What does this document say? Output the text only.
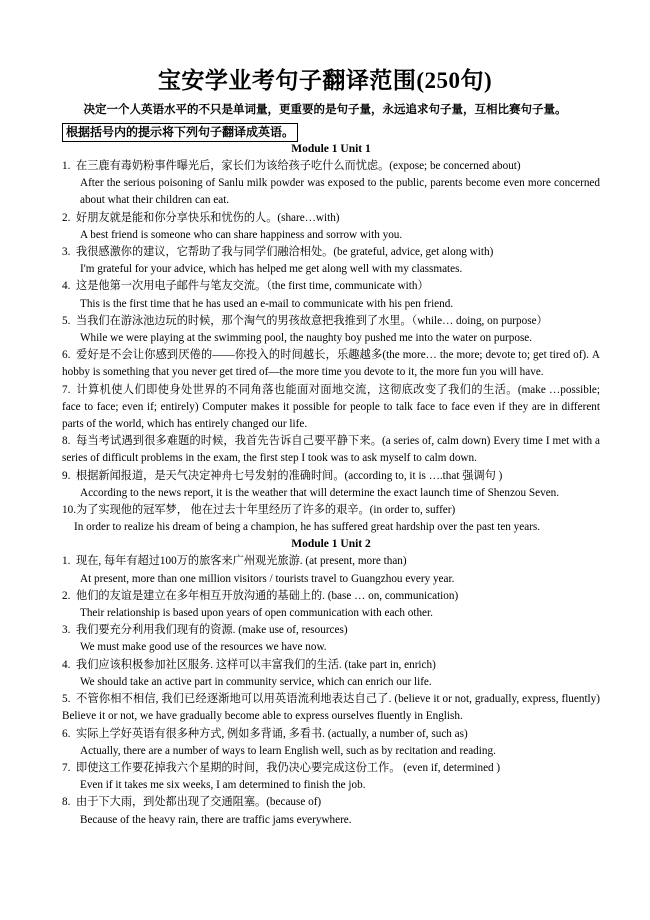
宝安学业考句子翻译范围(250句)
决定一个人英语水平的不只是单词量，更重要的是句子量，永远追求句子量，互相比赛句子量。
根据括号内的提示将下列句子翻译成英语。
Module 1 Unit 1
1. 在三鹿有毒奶粉事件曝光后，家长们为该给孩子吃什么而忧虑。(expose; be concerned about)
After the serious poisoning of Sanlu milk powder was exposed to the public, parents become even more concerned about what their children can eat.
2. 好朋友就是能和你分享快乐和忧伤的人。(share…with)
A best friend is someone who can share happiness and sorrow with you.
3. 我很感激你的建议，它帮助了我与同学们融洽相处。(be grateful, advice, get along with)
I'm grateful for your advice, which has helped me get along well with my classmates.
4. 这是他第一次用电子邮件与笔友交流。（the first time, communicate with）
This is the first time that he has used an e-mail to communicate with his pen friend.
5. 当我们在游泳池边玩的时候，那个淘气的男孩故意把我推到了水里。（while… doing, on purpose）
While we were playing at the swimming pool, the naughty boy pushed me into the water on purpose.
6. 爱好是不会让你感到厌倦的——你投入的时间越长，乐趣越多(the more… the more; devote to; get tired of). A hobby is something that you never get tired of—the more time you devote to it, the more fun you will have.
7. 计算机使人们即使身处世界的不同角落也能面对面地交流，这彻底改变了我们的生活。(make …possible; face to face; even if; entirely) Computer makes it possible for people to talk face to face even if they are in different parts of the world, which has entirely changed our life.
8. 每当考试遇到很多难题的时候，我首先告诉自己要平静下来。(a series of, calm down) Every time I met with a series of difficult problems in the exam, the first step I took was to ask myself to calm down.
9. 根据新闻报道，是天气决定神舟七号发射的准确时间。(according to, it is ….that 强调句 )
According to the news report, it is the weather that will determine the exact launch time of Shenzou Seven.
10.为了实现他的冠军梦， 他在过去十年里经历了许多的艰辛。(in order to, suffer)
In order to realize his dream of being a champion, he has suffered great hardship over the past ten years.
Module 1 Unit 2
1. 现在, 每年有超过100万的旅客来广州观光旅游. (at present, more than)
At present, more than one million visitors / tourists travel to Guangzhou every year.
2. 他们的友谊是建立在多年相互开放沟通的基础上的. (base … on, communication)
Their relationship is based upon years of open communication with each other.
3. 我们要充分利用我们现有的资源. (make use of, resources)
We must make good use of the resources we have now.
4. 我们应该积极参加社区服务. 这样可以丰富我们的生活. (take part in, enrich)
We should take an active part in community service, which can enrich our life.
5. 不管你相不相信, 我们已经逐渐地可以用英语流利地表达自己了. (believe it or not, gradually, express, fluently) Believe it or not, we have gradually become able to express ourselves fluently in English.
6. 实际上学好英语有很多种方式, 例如多背诵, 多看书. (actually, a number of, such as)
Actually, there are a number of ways to learn English well, such as by recitation and reading.
7. 即使这工作要花掉我六个星期的时间，我仍决心要完成这份工作。 (even if, determined )
Even if it takes me six weeks, I am determined to finish the job.
8. 由于下大雨，到处都出现了交通阻塞。(because of)
Because of the heavy rain, there are traffic jams everywhere.
